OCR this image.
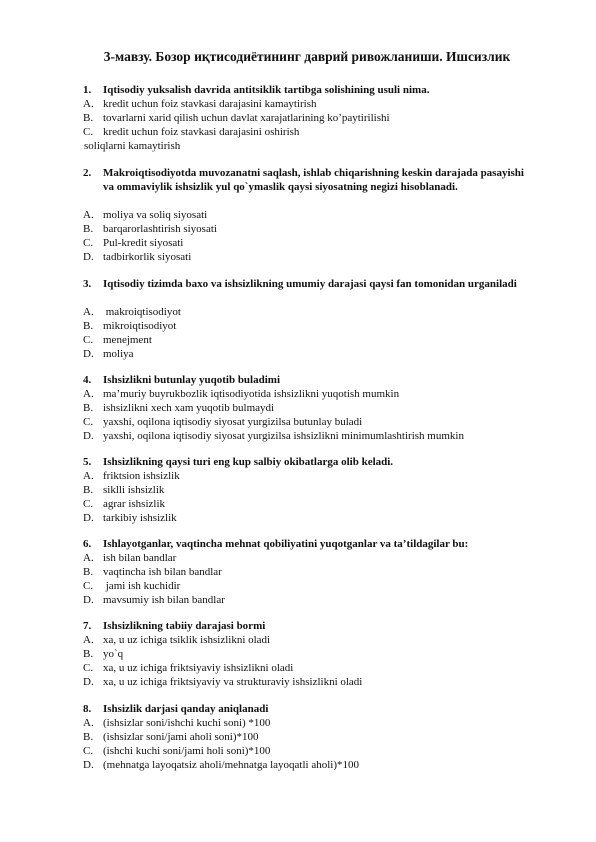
3-мавзу. Бозор иқтисодиётининг даврий ривожланиши. Ишсизлик
1. Iqtisodiy yuksalish davrida antitsiklik tartibga solishining usuli nima.
A. kredit uchun foiz stavkasi darajasini kamaytirish
B. tovarlarni xarid qilish uchun davlat xarajatlarining ko’paytirilishi
C. kredit uchun foiz stavkasi darajasini oshirish
soliqlarni kamaytirish
2. Makroiqtisodiyotda muvozanatni saqlash, ishlab chiqarishning keskin darajada pasayishi va ommaviylik ishsizlik yul qo`ymaslik qaysi siyosatning negizi hisoblanadi.
A. moliya va soliq siyosati
B. barqarorlashtirish siyosati
C. Pul-kredit siyosati
D. tadbirkorlik siyosati
3. Iqtisodiy tizimda baxo va ishsizlikning umumiy darajasi qaysi fan tomonidan urganiladi
A. makroiqtisodiyot
B. mikroiqtisodiyot
C. menejment
D. moliya
4. Ishsizlikni butunlay yuqotib buladimi
A. ma’muriy buyrukbozlik iqtisodiyotida ishsizlikni yuqotish mumkin
B. ishsizlikni xech xam yuqotib bulmaydi
C. yaxshi, oqilona iqtisodiy siyosat yurgizilsa butunlay buladi
D. yaxshi, oqilona iqtisodiy siyosat yurgizilsa ishsizlikni minimumlashtirish mumkin
5. Ishsizlikning qaysi turi eng kup salbiy okibatlarga olib keladi.
A. friktsion ishsizlik
B. siklli ishsizlik
C. agrar ishsizlik
D. tarkibiy ishsizlik
6. Ishlayotganlar, vaqtincha mehnat qobiliyatini yuqotganlar va ta’tildagilar bu:
A. ish bilan bandlar
B. vaqtincha ish bilan bandlar
C. jami ish kuchidir
D. mavsumiy ish bilan bandlar
7. Ishsizlikning tabiiy darajasi bormi
A. xa, u uz ichiga tsiklik ishsizlikni oladi
B. yo`q
C. xa, u uz ichiga friktsiyaviy ishsizlikni oladi
D. xa, u uz ichiga friktsiyaviy va strukturaviy ishsizlikni oladi
8. Ishsizlik darjasi qanday aniqlanadi
A. (ishsizlar soni/ishchi kuchi soni) *100
B. (ishsizlar soni/jami aholi soni)*100
C. (ishchi kuchi soni/jami holi soni)*100
D. (mehnatga layoqatsiz aholi/mehnatga layoqatli aholi)*100
